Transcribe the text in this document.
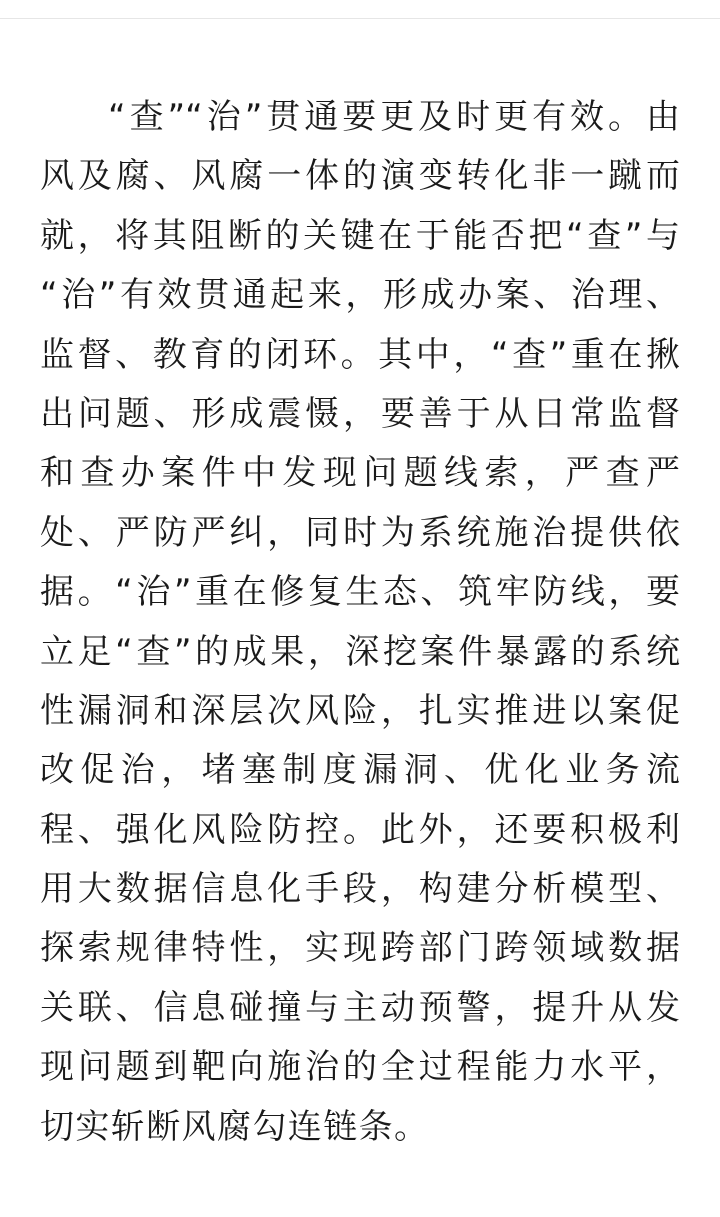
“查”“治”贯通要更及时更有效。由
风及腐、风腐一体的演变转化非一蹴而
就，将其阻断的关键在于能否把“查”与
“治”有效贯通起来，形成办案、治理、
监督、教育的闭环。其中，“查”重在揪
出问题、形成震慑，要善于从日常监督
和查办案件中发现问题线索，严查严
处、严防严纠，同时为系统施治提供依
据。“治”重在修复生态、筑牢防线，要
立足“查”的成果，深挖案件暴露的系统
性漏洞和深层次风险，扎实推进以案促
改促治，堵塞制度漏洞、优化业务流
程、强化风险防控。此外，还要积极利
用大数据信息化手段，构建分析模型、
探索规律特性，实现跨部门跨领域数据
关联、信息碰撞与主动预警，提升从发
现问题到靶向施治的全过程能力水平，
切实斩断风腐勾连链条。
